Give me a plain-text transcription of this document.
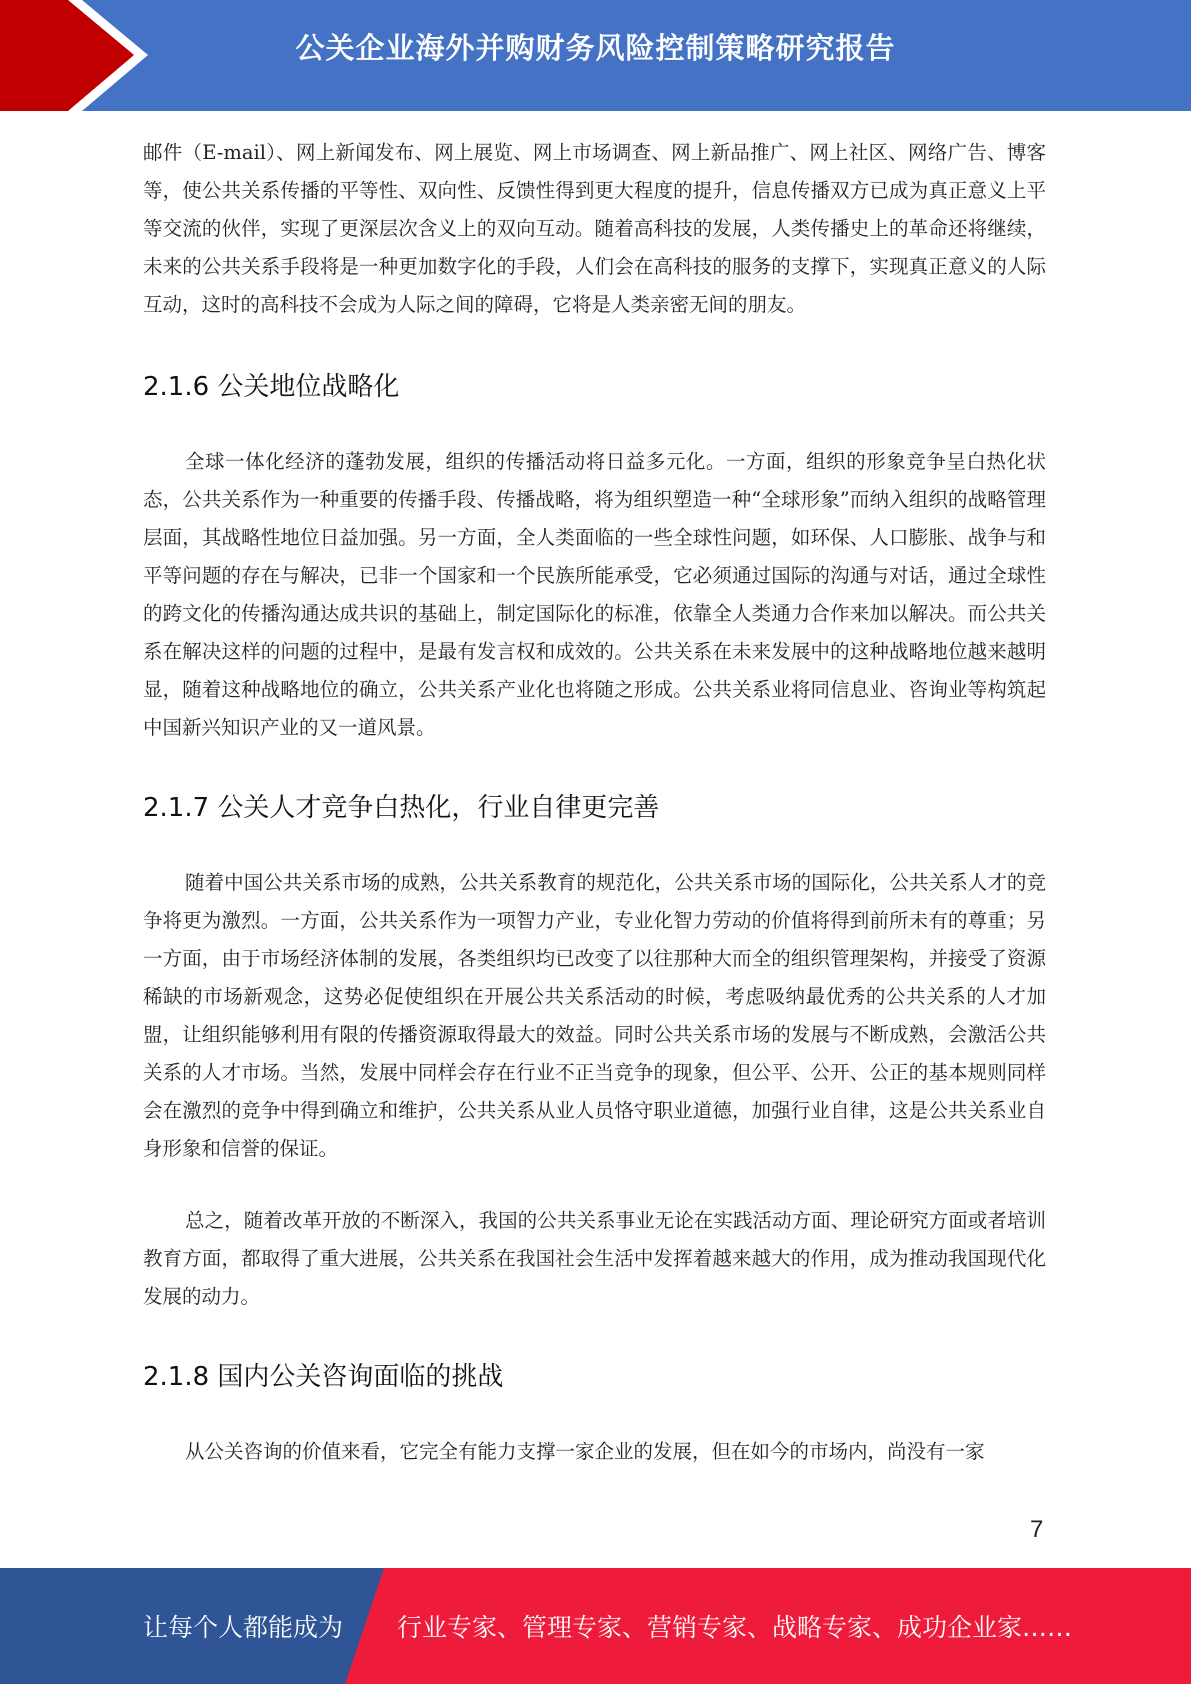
公关企业海外并购财务风险控制策略研究报告

邮件（E-mail）、网上新闻发布、网上展览、网上市场调查、网上新品推广、网上社区、网络广告、博客等，使公共关系传播的平等性、双向性、反馈性得到更大程度的提升，信息传播双方已成为真正意义上平等交流的伙伴，实现了更深层次含义上的双向互动。随着高科技的发展，人类传播史上的革命还将继续，未来的公共关系手段将是一种更加数字化的手段，人们会在高科技的服务的支撑下，实现真正意义的人际互动，这时的高科技不会成为人际之间的障碍，它将是人类亲密无间的朋友。

2.1.6 公关地位战略化

全球一体化经济的蓬勃发展，组织的传播活动将日益多元化。一方面，组织的形象竞争呈白热化状态，公共关系作为一种重要的传播手段、传播战略，将为组织塑造一种“全球形象”而纳入组织的战略管理层面，其战略性地位日益加强。另一方面，全人类面临的一些全球性问题，如环保、人口膨胀、战争与和平等问题的存在与解决，已非一个国家和一个民族所能承受，它必须通过国际的沟通与对话，通过全球性的跨文化的传播沟通达成共识的基础上，制定国际化的标准，依靠全人类通力合作来加以解决。而公共关系在解决这样的问题的过程中，是最有发言权和成效的。公共关系在未来发展中的这种战略地位越来越明显，随着这种战略地位的确立，公共关系产业化也将随之形成。公共关系业将同信息业、咨询业等构筑起中国新兴知识产业的又一道风景。

2.1.7 公关人才竞争白热化，行业自律更完善

随着中国公共关系市场的成熟，公共关系教育的规范化，公共关系市场的国际化，公共关系人才的竞争将更为激烈。一方面，公共关系作为一项智力产业，专业化智力劳动的价值将得到前所未有的尊重；另一方面，由于市场经济体制的发展，各类组织均已改变了以往那种大而全的组织管理架构，并接受了资源稀缺的市场新观念，这势必促使组织在开展公共关系活动的时候，考虑吸纳最优秀的公共关系的人才加盟，让组织能够利用有限的传播资源取得最大的效益。同时公共关系市场的发展与不断成熟，会激活公共关系的人才市场。当然，发展中同样会存在行业不正当竞争的现象，但公平、公开、公正的基本规则同样会在激烈的竞争中得到确立和维护，公共关系从业人员恪守职业道德，加强行业自律，这是公共关系业自身形象和信誉的保证。

总之，随着改革开放的不断深入，我国的公共关系事业无论在实践活动方面、理论研究方面或者培训教育方面，都取得了重大进展，公共关系在我国社会生活中发挥着越来越大的作用，成为推动我国现代化发展的动力。

2.1.8 国内公关咨询面临的挑战

从公关咨询的价值来看，它完全有能力支撑一家企业的发展，但在如今的市场内，尚没有一家

7
让每个人都能成为 行业专家、管理专家、营销专家、战略专家、成功企业家……
